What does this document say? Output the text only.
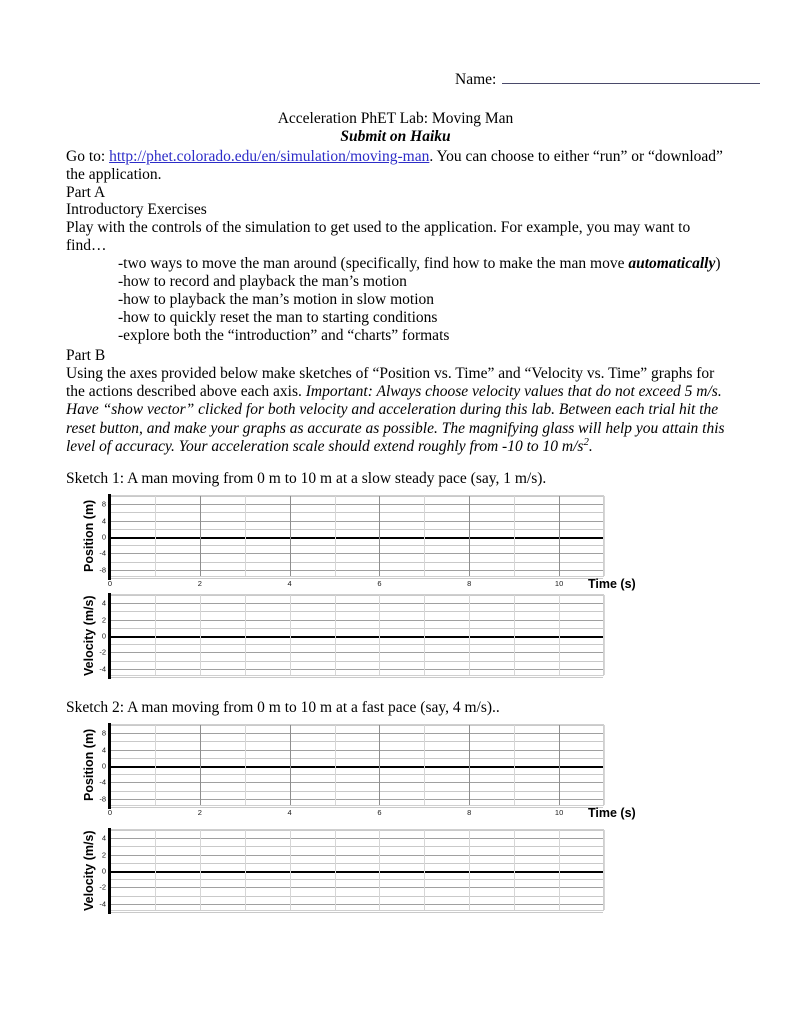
Name:
Acceleration PhET Lab: Moving Man
Submit on Haiku

Go to: http://phet.colorado.edu/en/simulation/moving-man. You can choose to either “run” or “download” the application.

Part A

Introductory Exercises

Play with the controls of the simulation to get used to the application. For example, you may want to find…

-two ways to move the man around (specifically, find how to make the man move automatically)
-how to record and playback the man’s motion
-how to playback the man’s motion in slow motion
-how to quickly reset the man to starting conditions
-explore both the “introduction” and “charts” formats

Part B

Using the axes provided below make sketches of “Position vs. Time” and “Velocity vs. Time” graphs for the actions described above each axis. Important: Always choose velocity values that do not exceed 5 m/s. Have “show vector” clicked for both velocity and acceleration during this lab. Between each trial hit the reset button, and make your graphs as accurate as possible. The magnifying glass will help you attain this level of accuracy. Your acceleration scale should extend roughly from -10 to 10 $m/s^2$.

Sketch 1: A man moving from 0 m to 10 m at a slow steady pace (say, 1 m/s).
Sketch 2: A man moving from 0 m to 10 m at a fast pace (say, 4 m/s)..
-8
-4
0
4
8
0	2	4	6	8	10
Position (m)
Time (s)
-4
-2
0
2
4
Velocity (m/s)
-8
-4
0
4
8
0	2	4	6	8	10
Position (m)
Time (s)
-4
-2
0
2
4
Velocity (m/s)
